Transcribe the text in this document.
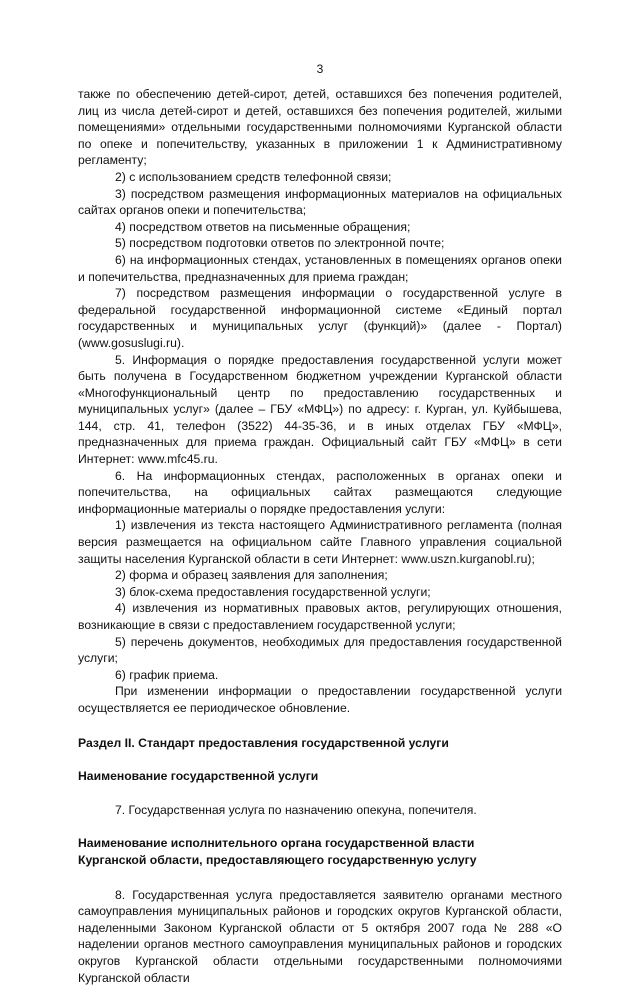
3

также по обеспечению детей-сирот, детей, оставшихся без попечения родителей, лиц из числа детей-сирот и детей, оставшихся без попечения родителей, жилыми помещениями» отдельными государственными полномочиями Курганской области по опеке и попечительству, указанных в приложении 1 к Административному регламенту;

2) с использованием средств телефонной связи;

3) посредством размещения информационных материалов на официальных сайтах органов опеки и попечительства;

4) посредством ответов на письменные обращения;

5) посредством подготовки ответов по электронной почте;

6) на информационных стендах, установленных в помещениях органов опеки и попечительства, предназначенных для приема граждан;

7) посредством размещения информации о государственной услуге в федеральной государственной информационной системе «Единый портал государственных и муниципальных услуг (функций)» (далее - Портал) (www.gosuslugi.ru).

5. Информация о порядке предоставления государственной услуги может быть получена в Государственном бюджетном учреждении Курганской области «Многофункциональный центр по предоставлению государственных и муниципальных услуг» (далее – ГБУ «МФЦ») по адресу: г. Курган, ул. Куйбышева, 144, стр. 41, телефон (3522) 44-35-36, и в иных отделах ГБУ «МФЦ», предназначенных для приема граждан. Официальный сайт ГБУ «МФЦ» в сети Интернет: www.mfc45.ru.

6. На информационных стендах, расположенных в органах опеки и попечительства, на официальных сайтах размещаются следующие информационные материалы о порядке предоставления услуги:

1) извлечения из текста настоящего Административного регламента (полная версия размещается на официальном сайте Главного управления социальной защиты населения Курганской области в сети Интернет: www.uszn.kurganobl.ru);

2) форма и образец заявления для заполнения;

3) блок-схема предоставления государственной услуги;

4) извлечения из нормативных правовых актов, регулирующих отношения, возникающие в связи с предоставлением государственной услуги;

5) перечень документов, необходимых для предоставления государственной услуги;

6) график приема.

При изменении информации о предоставлении государственной услуги осуществляется ее периодическое обновление.

Раздел II. Стандарт предоставления государственной услуги

Наименование государственной услуги

7. Государственная услуга по назначению опекуна, попечителя.

Наименование исполнительного органа государственной власти

Курганской области, предоставляющего государственную услугу

8. Государственная услуга предоставляется заявителю органами местного самоуправления муниципальных районов и городских округов Курганской области, наделенными Законом Курганской области от 5 октября 2007 года № 288 «О наделении органов местного самоуправления муниципальных районов и городских округов Курганской области отдельными государственными полномочиями Курганской области
